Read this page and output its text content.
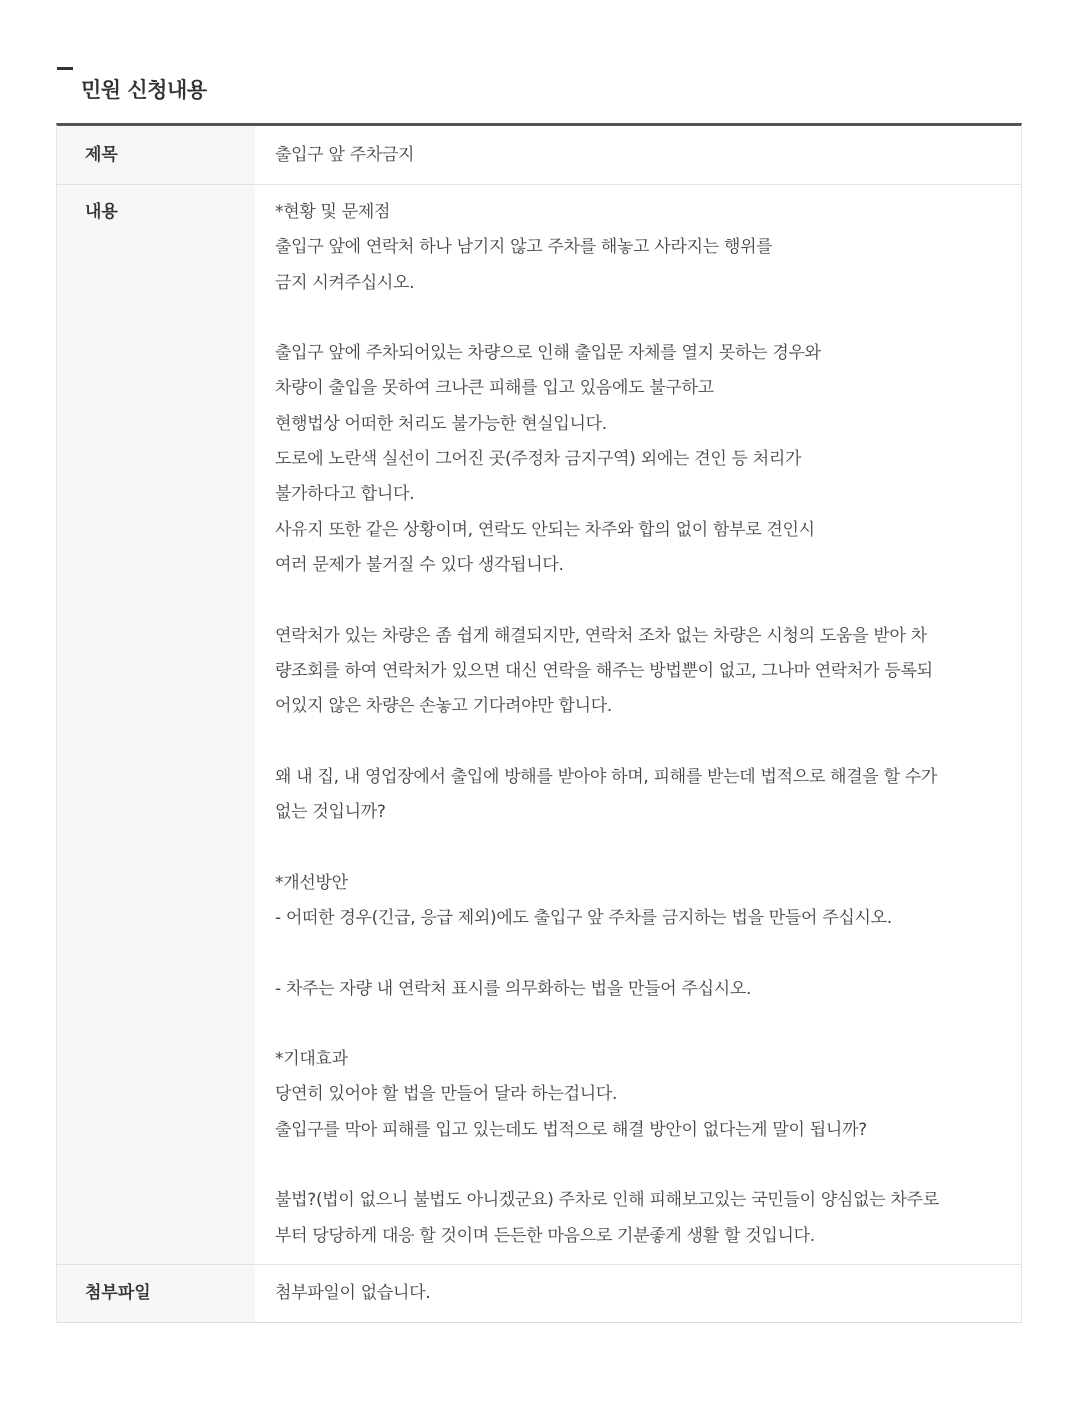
민원 신청내용
제목	출입구 앞 주차금지
내용	*현황 및 문제점
출입구 앞에 연락처 하나 남기지 않고 주차를 해놓고 사라지는 행위를
금지 시켜주십시오.
출입구 앞에 주차되어있는 차량으로 인해 출입문 자체를 열지 못하는 경우와
차량이 출입을 못하여 크나큰 피해를 입고 있음에도 불구하고
현행법상 어떠한 처리도 불가능한 현실입니다.
도로에 노란색 실선이 그어진 곳(주정차 금지구역) 외에는 견인 등 처리가
불가하다고 합니다.
사유지 또한 같은 상황이며, 연락도 안되는 차주와 합의 없이 함부로 견인시
여러 문제가 불거질 수 있다 생각됩니다.
연락처가 있는 차량은 좀 쉽게 해결되지만, 연락처 조차 없는 차량은 시청의 도움을 받아 차
량조회를 하여 연락처가 있으면 대신 연락을 해주는 방법뿐이 없고, 그나마 연락처가 등록되
어있지 않은 차량은 손놓고 기다려야만 합니다.
왜 내 집, 내 영업장에서 출입에 방해를 받아야 하며, 피해를 받는데 법적으로 해결을 할 수가
없는 것입니까?
*개선방안
- 어떠한 경우(긴급, 응급 제외)에도 출입구 앞 주차를 금지하는 법을 만들어 주십시오.
- 차주는 자량 내 연락처 표시를 의무화하는 법을 만들어 주십시오.
*기대효과
당연히 있어야 할 법을 만들어 달라 하는겁니다.
출입구를 막아 피해를 입고 있는데도 법적으로 해결 방안이 없다는게 말이 됩니까?
불법?(법이 없으니 불법도 아니겠군요) 주차로 인해 피해보고있는 국민들이 양심없는 차주로
부터 당당하게 대응 할 것이며 든든한 마음으로 기분좋게 생활 할 것입니다.
첨부파일	첨부파일이 없습니다.
